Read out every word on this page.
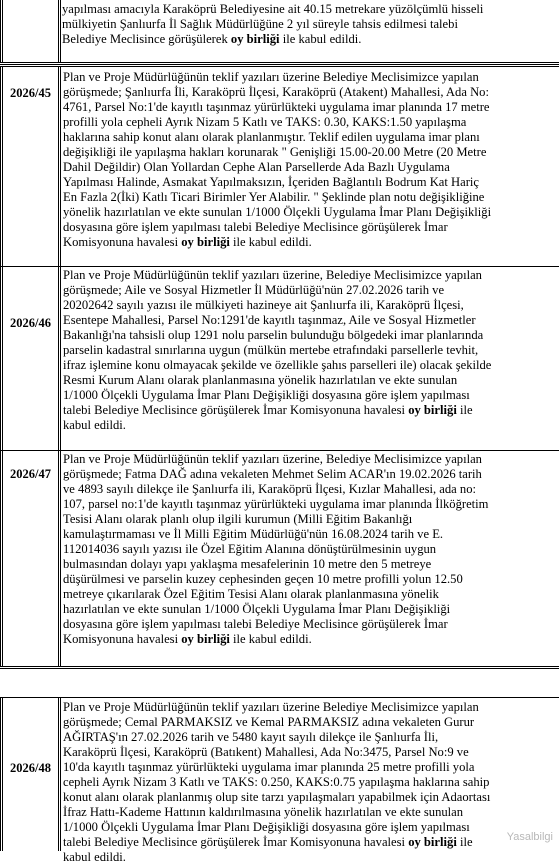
yapılması amacıyla Karaköprü Belediyesine ait 40.15 metrekare yüzölçümlü hisseli
mülkiyetin Şanlıurfa İl Sağlık Müdürlüğüne 2 yıl süreyle tahsis edilmesi talebi
Belediye Meclisince görüşülerek oy birliği ile kabul edildi.
2026/45
Plan ve Proje Müdürlüğünün teklif yazıları üzerine Belediye Meclisimizce yapılan
görüşmede; Şanlıurfa İli, Karaköprü İlçesi, Karaköprü (Atakent) Mahallesi, Ada No:
4761, Parsel No:1'de kayıtlı taşınmaz yürürlükteki uygulama imar planında 17 metre
profilli yola cepheli Ayrık Nizam 5 Katlı ve TAKS: 0.30, KAKS:1.50 yapılaşma
haklarına sahip konut alanı olarak planlanmıştır. Teklif edilen uygulama imar planı
değişikliği ile yapılaşma hakları korunarak " Genişliği 15.00-20.00 Metre (20 Metre
Dahil Değildir) Olan Yollardan Cephe Alan Parsellerde Ada Bazlı Uygulama
Yapılması Halinde, Asmakat Yapılmaksızın, İçeriden Bağlantılı Bodrum Kat Hariç
En Fazla 2(İki) Katlı Ticari Birimler Yer Alabilir. " Şeklinde plan notu değişikliğine
yönelik hazırlatılan ve ekte sunulan 1/1000 Ölçekli Uygulama İmar Planı Değişikliği
dosyasına göre işlem yapılması talebi Belediye Meclisince görüşülerek İmar
Komisyonuna havalesi oy birliği ile kabul edildi.
2026/46
Plan ve Proje Müdürlüğünün teklif yazıları üzerine, Belediye Meclisimizce yapılan
görüşmede; Aile ve Sosyal Hizmetler İl Müdürlüğü'nün 27.02.2026 tarih ve
20202642 sayılı yazısı ile mülkiyeti hazineye ait Şanlıurfa ili, Karaköprü İlçesi,
Esentepe Mahallesi, Parsel No:1291'de kayıtlı taşınmaz, Aile ve Sosyal Hizmetler
Bakanlığı'na tahsisli olup 1291 nolu parselin bulunduğu bölgedeki imar planlarında
parselin kadastral sınırlarına uygun (mülkün mertebe etrafındaki parsellerle tevhit,
ifraz işlemine konu olmayacak şekilde ve özellikle şahıs parselleri ile) olacak şekilde
Resmi Kurum Alanı olarak planlanmasına yönelik hazırlatılan ve ekte sunulan
1/1000 Ölçekli Uygulama İmar Planı Değişikliği dosyasına göre işlem yapılması
talebi Belediye Meclisince görüşülerek İmar Komisyonuna havalesi oy birliği ile
kabul edildi.
2026/47
Plan ve Proje Müdürlüğünün teklif yazıları üzerine, Belediye Meclisimizce yapılan
görüşmede; Fatma DAĞ adına vekaleten Mehmet Selim ACAR'ın 19.02.2026 tarih
ve 4893 sayılı dilekçe ile Şanlıurfa ili, Karaköprü İlçesi, Kızlar Mahallesi, ada no:
107, parsel no:1'de kayıtlı taşınmaz yürürlükteki uygulama imar planında İlköğretim
Tesisi Alanı olarak planlı olup ilgili kurumun (Milli Eğitim Bakanlığı
kamulaştırmaması ve İl Milli Eğitim Müdürlüğü'nün 16.08.2024 tarih ve E.
112014036 sayılı yazısı ile Özel Eğitim Alanına dönüştürülmesinin uygun
bulmasından dolayı yapı yaklaşma mesafelerinin 10 metre den 5 metreye
düşürülmesi ve parselin kuzey cephesinden geçen 10 metre profilli yolun 12.50
metreye çıkarılarak Özel Eğitim Tesisi Alanı olarak planlanmasına yönelik
hazırlatılan ve ekte sunulan 1/1000 Ölçekli Uygulama İmar Planı Değişikliği
dosyasına göre işlem yapılması talebi Belediye Meclisince görüşülerek İmar
Komisyonuna havalesi oy birliği ile kabul edildi.
2026/48
Plan ve Proje Müdürlüğünün teklif yazıları üzerine Belediye Meclisimizce yapılan
görüşmede; Cemal PARMAKSIZ ve Kemal PARMAKSIZ adına vekaleten Gurur
AĞIRTAŞ'ın 27.02.2026 tarih ve 5480 kayıt sayılı dilekçe ile Şanlıurfa İli,
Karaköprü İlçesi, Karaköprü (Batıkent) Mahallesi, Ada No:3475, Parsel No:9 ve
10'da kayıtlı taşınmaz yürürlükteki uygulama imar planında 25 metre profilli yola
cepheli Ayrık Nizam 3 Katlı ve TAKS: 0.250, KAKS:0.75 yapılaşma haklarına sahip
konut alanı olarak planlanmış olup site tarzı yapılaşmaları yapabilmek için Adaortası
İfraz Hattı-Kademe Hattının kaldırılmasına yönelik hazırlatılan ve ekte sunulan
1/1000 Ölçekli Uygulama İmar Planı Değişikliği dosyasına göre işlem yapılması
talebi Belediye Meclisince görüşülerek İmar Komisyonuna havalesi oy birliği ile
kabul edildi.
Yasalbilgi
